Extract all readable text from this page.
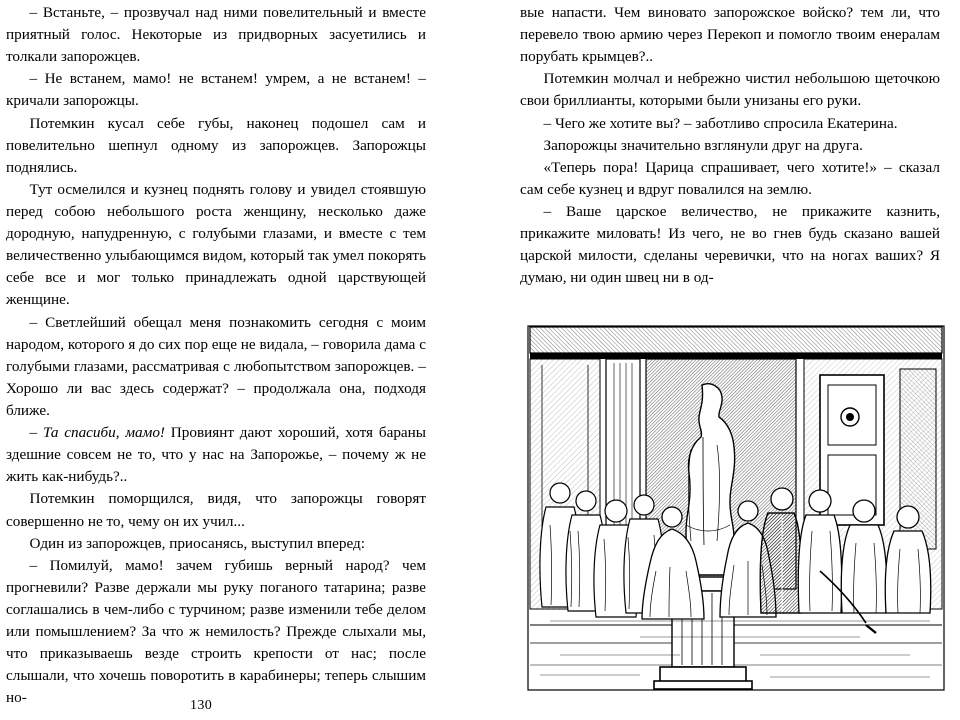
– Встаньте, – прозвучал над ними повелительный и вместе приятный голос. Некоторые из придворных засуетились и толкали запорожцев.

– Не встанем, мамо! не встанем! умрем, а не встанем! – кричали запорожцы.

Потемкин кусал себе губы, наконец подошел сам и повелительно шепнул одному из запорожцев. Запорожцы поднялись.

Тут осмелился и кузнец поднять голову и увидел стоявшую перед собою небольшого роста женщину, несколько даже дородную, напудренную, с голубыми глазами, и вместе с тем величественно улыбающимся видом, который так умел покорять себе все и мог только принадлежать одной царствующей женщине.

– Светлейший обещал меня познакомить сегодня с моим народом, которого я до сих пор еще не видала, – говорила дама с голубыми глазами, рассматривая с любопытством запорожцев. – Хорошо ли вас здесь содержат? – продолжала она, подходя ближе.

– Та спасиби, мамо! Провиянт дают хороший, хотя бараны здешние совсем не то, что у нас на Запорожье, – почему ж не жить как-нибудь?..

Потемкин поморщился, видя, что запорожцы говорят совершенно не то, чему он их учил...

Один из запорожцев, приосанясь, выступил вперед:

– Помилуй, мамо! зачем губишь верный народ? чем прогневили? Разве держали мы руку поганого татарина; разве соглашались в чем-либо с турчином; разве изменили тебе делом или помышлением? За что ж немилость? Прежде слыхали мы, что приказываешь везде строить крепости от нас; после слышали, что хочешь поворотить в карабинеры; теперь слышим но-

вые напасти. Чем виновато запорожское войско? тем ли, что перевело твою армию через Перекоп и помогло твоим енералам порубать крымцев?..

Потемкин молчал и небрежно чистил небольшою щеточкою свои бриллианты, которыми были унизаны его руки.

– Чего же хотите вы? – заботливо спросила Екатерина.

Запорожцы значительно взглянули друг на друга.

«Теперь пора! Царица спрашивает, чего хотите!» – сказал сам себе кузнец и вдруг повалился на землю.

– Ваше царское величество, не прикажите казнить, прикажите миловать! Из чего, не во гнев будь сказано вашей царской милости, сделаны черевички, что на ногах ваших? Я думаю, ни один швец ни в од-

130
